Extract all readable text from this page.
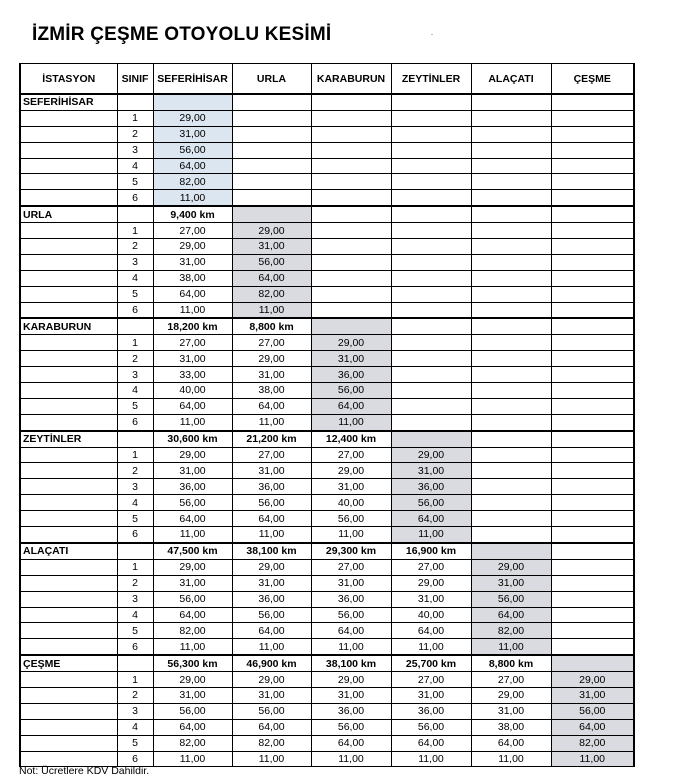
İZMİR ÇEŞME OTOYOLU KESİMİ
İSTASYON	SINIF	SEFERİHİSAR	URLA	KARABURUN	ZEYTİNLER	ALAÇATI	ÇEŞME
SEFERİHİSAR							
	1	29,00					
	2	31,00					
	3	56,00					
	4	64,00					
	5	82,00					
	6	11,00					
URLA		9,400 km					
	1	27,00	29,00				
	2	29,00	31,00				
	3	31,00	56,00				
	4	38,00	64,00				
	5	64,00	82,00				
	6	11,00	11,00				
KARABURUN		18,200 km	8,800 km				
	1	27,00	27,00	29,00			
	2	31,00	29,00	31,00			
	3	33,00	31,00	36,00			
	4	40,00	38,00	56,00			
	5	64,00	64,00	64,00			
	6	11,00	11,00	11,00			
ZEYTİNLER		30,600 km	21,200 km	12,400 km			
	1	29,00	27,00	27,00	29,00		
	2	31,00	31,00	29,00	31,00		
	3	36,00	36,00	31,00	36,00		
	4	56,00	56,00	40,00	56,00		
	5	64,00	64,00	56,00	64,00		
	6	11,00	11,00	11,00	11,00		
ALAÇATI		47,500 km	38,100 km	29,300 km	16,900 km		
	1	29,00	29,00	27,00	27,00	29,00	
	2	31,00	31,00	31,00	29,00	31,00	
	3	56,00	36,00	36,00	31,00	56,00	
	4	64,00	56,00	56,00	40,00	64,00	
	5	82,00	64,00	64,00	64,00	82,00	
	6	11,00	11,00	11,00	11,00	11,00	
ÇEŞME		56,300 km	46,900 km	38,100 km	25,700 km	8,800 km	
	1	29,00	29,00	29,00	27,00	27,00	29,00
	2	31,00	31,00	31,00	31,00	29,00	31,00
	3	56,00	56,00	36,00	36,00	31,00	56,00
	4	64,00	64,00	56,00	56,00	38,00	64,00
	5	82,00	82,00	64,00	64,00	64,00	82,00
	6	11,00	11,00	11,00	11,00	11,00	11,00
Not: Ücretlere KDV Dahildir.
